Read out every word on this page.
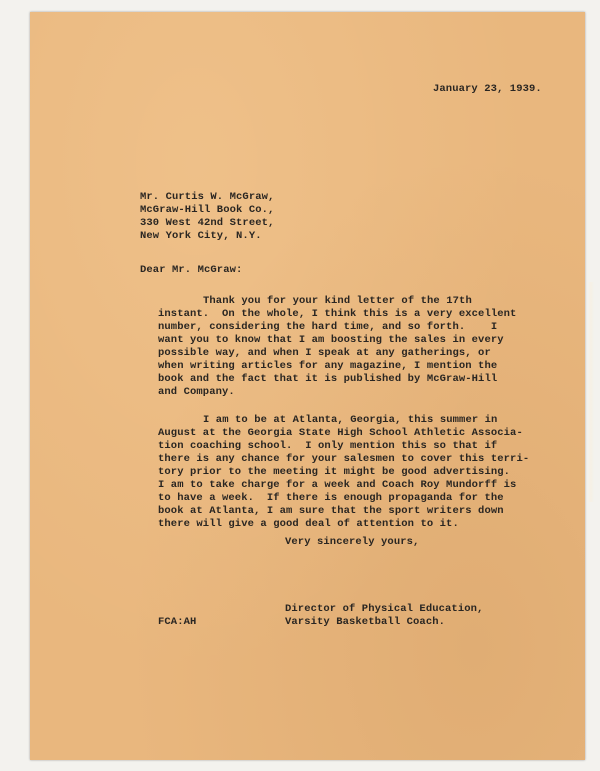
January 23, 1939.
Mr. Curtis W. McGraw,
McGraw-Hill Book Co.,
330 West 42nd Street,
New York City, N.Y.
Dear Mr. McGraw:
Thank you for your kind letter of the 17th
instant.  On the whole, I think this is a very excellent
number, considering the hard time, and so forth.    I
want you to know that I am boosting the sales in every
possible way, and when I speak at any gatherings, or
when writing articles for any magazine, I mention the
book and the fact that it is published by McGraw-Hill
and Company.
I am to be at Atlanta, Georgia, this summer in
August at the Georgia State High School Athletic Associa-
tion coaching school.  I only mention this so that if
there is any chance for your salesmen to cover this terri-
tory prior to the meeting it might be good advertising.
I am to take charge for a week and Coach Roy Mundorff is
to have a week.  If there is enough propaganda for the
book at Atlanta, I am sure that the sport writers down
there will give a good deal of attention to it.
Very sincerely yours,
Director of Physical Education,
FCA:AH	Varsity Basketball Coach.
